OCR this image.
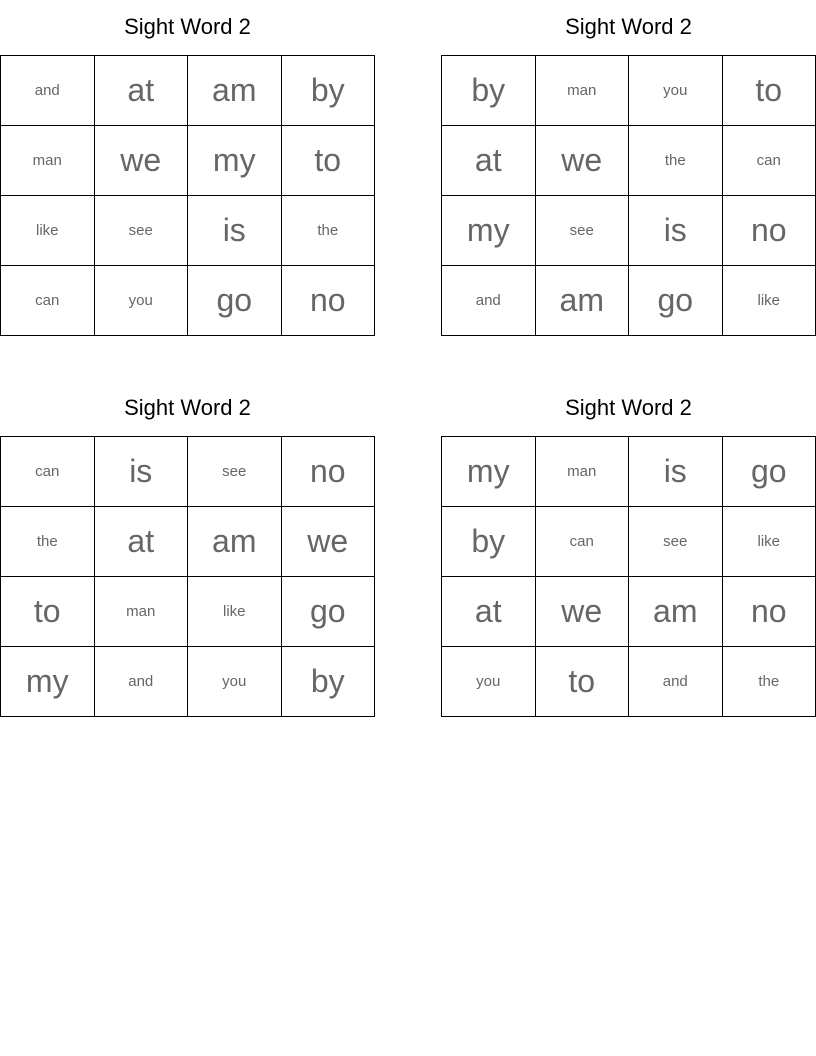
Sight Word 2
and	at	am	by
man	we	my	to
like	see	is	the
can	you	go	no
Sight Word 2
by	man	you	to
at	we	the	can
my	see	is	no
and	am	go	like
Sight Word 2
can	is	see	no
the	at	am	we
to	man	like	go
my	and	you	by
Sight Word 2
my	man	is	go
by	can	see	like
at	we	am	no
you	to	and	the
